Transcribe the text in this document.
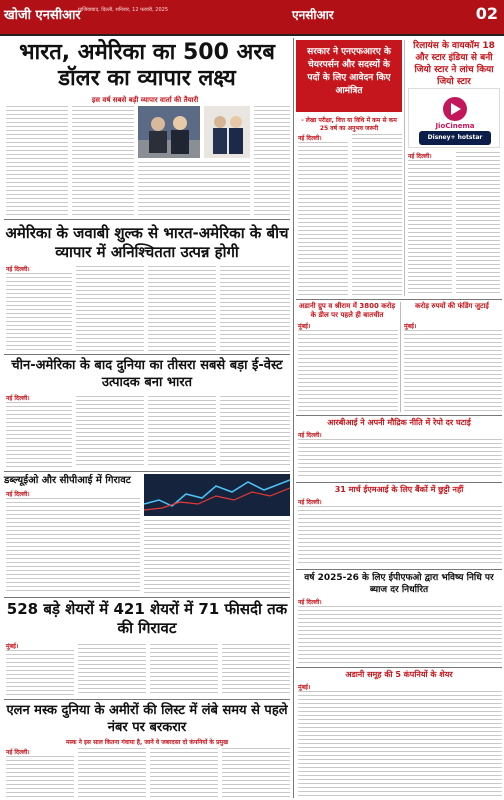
खोजी एनसीआर
गाजियाबाद, दिल्ली, शनिवार, 12 फरवरी, 2025	एनसीआर	02
भारत, अमेरिका का 500 अरब डॉलर का व्यापार लक्ष्य
इस वर्ष सबसे बड़ी व्यापार वार्ता की तैयारी
अमेरिका के जवाबी शुल्क से भारत-अमेरिका के बीच व्यापार में अनिश्चितता उत्पन्न होगी
नई दिल्ली।
चीन-अमेरिका के बाद दुनिया का तीसरा सबसे बड़ा ई-वेस्ट उत्पादक बना भारत
नई दिल्ली।
डब्ल्यूईओ और सीपीआई में गिरावट
नई दिल्ली।
528 बड़े शेयरों में 421 शेयरों में 71 फीसदी तक की गिरावट
मुंबई।
एलन मस्क दुनिया के अमीरों की लिस्ट में लंबे समय से पहले नंबर पर बरकरार
मस्क ने इस साल कितना गंवाया है, जानें वे जबरदस्त दो कंपनियों के प्रमुख
नई दिल्ली।
सरकार ने एनएफआरए के चेयरपर्सन और सदस्यों के पदों के लिए आवेदन किए आमंत्रित
- लेखा परीक्षा, वित्त या विधि में कम से कम 25 वर्ष का अनुभव जरूरी
नई दिल्ली।
रिलायंस के वायकॉम 18 और स्टार इंडिया से बनी जियो स्टार ने लांच किया जियो स्टार
JioCinema
Disney+ hotstar
नई दिल्ली।
अडानी ग्रुप व श्रीराम में 3800 करोड़ के डील पर पहले ही बातचीत
मुंबई।
करोड़ रुपयों की फंडिंग जुटाई
मुंबई।
आरबीआई ने अपनी मौद्रिक नीति में रेपो दर घटाई
नई दिल्ली।
31 मार्च ईएमआई के लिए बैंकों में छुट्टी नहीं
नई दिल्ली।
वर्ष 2025-26 के लिए ईपीएफओ द्वारा भविष्य निधि पर ब्याज दर निर्धारित
नई दिल्ली।
अडानी समूह की 5 कंपनियों के शेयर
मुंबई।
